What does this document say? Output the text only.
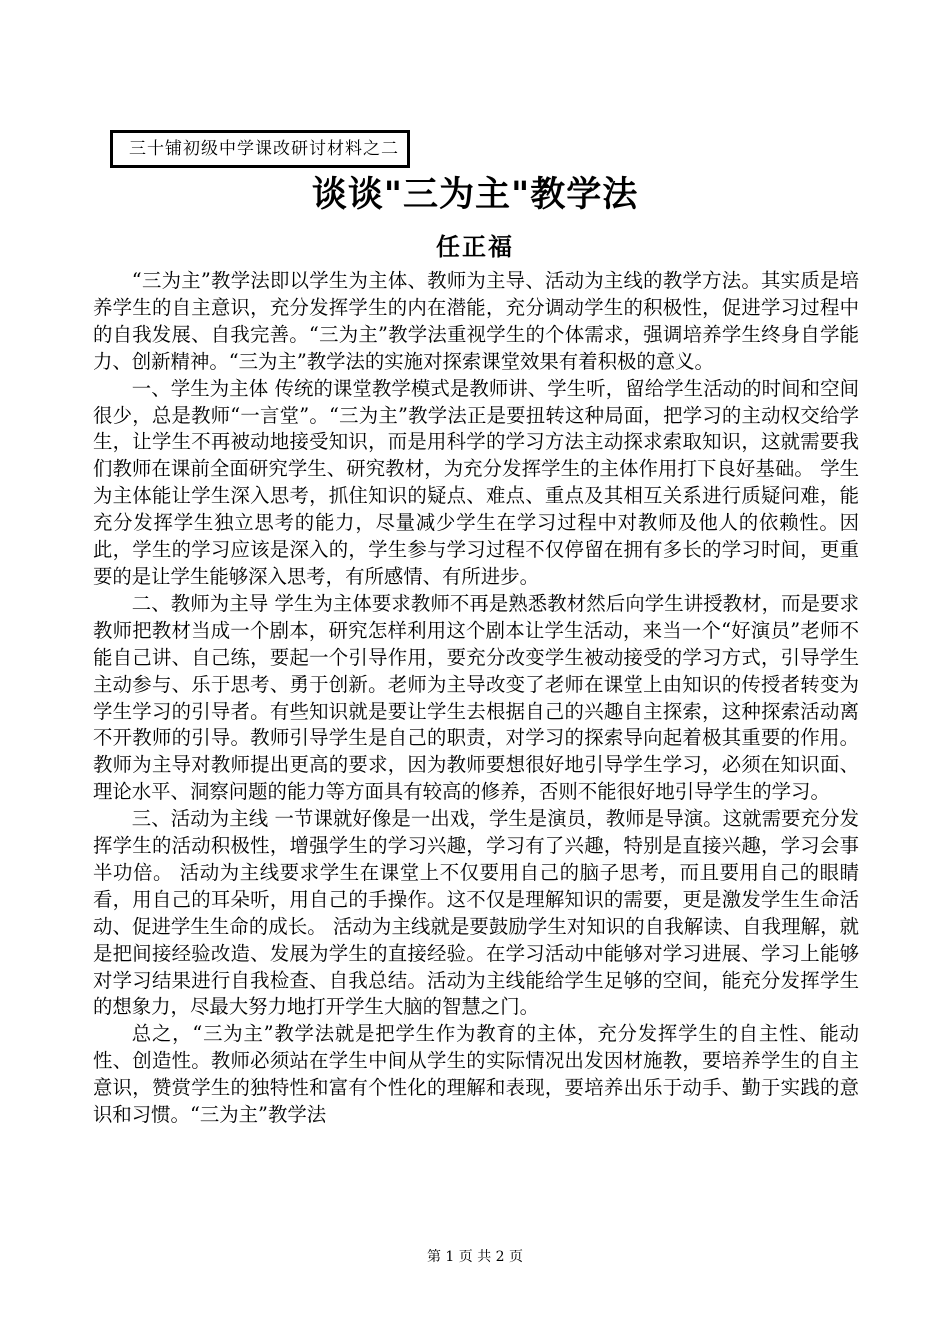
三十铺初级中学课改研讨材料之二
谈谈"三为主"教学法
任正福

“三为主”教学法即以学生为主体、教师为主导、活动为主线的教学方法。其实质是培养学生的自主意识，充分发挥学生的内在潜能，充分调动学生的积极性，促进学习过程中的自我发展、自我完善。“三为主”教学法重视学生的个体需求，强调培养学生终身自学能力、创新精神。“三为主”教学法的实施对探索课堂效果有着积极的意义。

一、学生为主体 传统的课堂教学模式是教师讲、学生听，留给学生活动的时间和空间很少，总是教师“一言堂”。“三为主”教学法正是要扭转这种局面，把学习的主动权交给学生，让学生不再被动地接受知识，而是用科学的学习方法主动探求索取知识，这就需要我们教师在课前全面研究学生、研究教材，为充分发挥学生的主体作用打下良好基础。 学生为主体能让学生深入思考，抓住知识的疑点、难点、重点及其相互关系进行质疑问难，能充分发挥学生独立思考的能力，尽量减少学生在学习过程中对教师及他人的依赖性。因此，学生的学习应该是深入的，学生参与学习过程不仅停留在拥有多长的学习时间，更重要的是让学生能够深入思考，有所感情、有所进步。

二、教师为主导 学生为主体要求教师不再是熟悉教材然后向学生讲授教材，而是要求教师把教材当成一个剧本，研究怎样利用这个剧本让学生活动，来当一个“好演员”老师不能自己讲、自己练，要起一个引导作用，要充分改变学生被动接受的学习方式，引导学生主动参与、乐于思考、勇于创新。老师为主导改变了老师在课堂上由知识的传授者转变为学生学习的引导者。有些知识就是要让学生去根据自己的兴趣自主探索，这种探索活动离不开教师的引导。教师引导学生是自己的职责，对学习的探索导向起着极其重要的作用。 教师为主导对教师提出更高的要求，因为教师要想很好地引导学生学习，必须在知识面、理论水平、洞察问题的能力等方面具有较高的修养，否则不能很好地引导学生的学习。

三、活动为主线 一节课就好像是一出戏，学生是演员，教师是导演。这就需要充分发挥学生的活动积极性，增强学生的学习兴趣，学习有了兴趣，特别是直接兴趣，学习会事半功倍。 活动为主线要求学生在课堂上不仅要用自己的脑子思考，而且要用自己的眼睛看，用自己的耳朵听，用自己的手操作。这不仅是理解知识的需要，更是激发学生生命活动、促进学生生命的成长。 活动为主线就是要鼓励学生对知识的自我解读、自我理解，就是把间接经验改造、发展为学生的直接经验。在学习活动中能够对学习进展、学习上能够对学习结果进行自我检查、自我总结。活动为主线能给学生足够的空间，能充分发挥学生的想象力，尽最大努力地打开学生大脑的智慧之门。

总之，“三为主”教学法就是把学生作为教育的主体，充分发挥学生的自主性、能动性、创造性。教师必须站在学生中间从学生的实际情况出发因材施教，要培养学生的自主意识，赞赏学生的独特性和富有个性化的理解和表现，要培养出乐于动手、勤于实践的意识和习惯。“三为主”教学法

第 1 页 共 2 页
